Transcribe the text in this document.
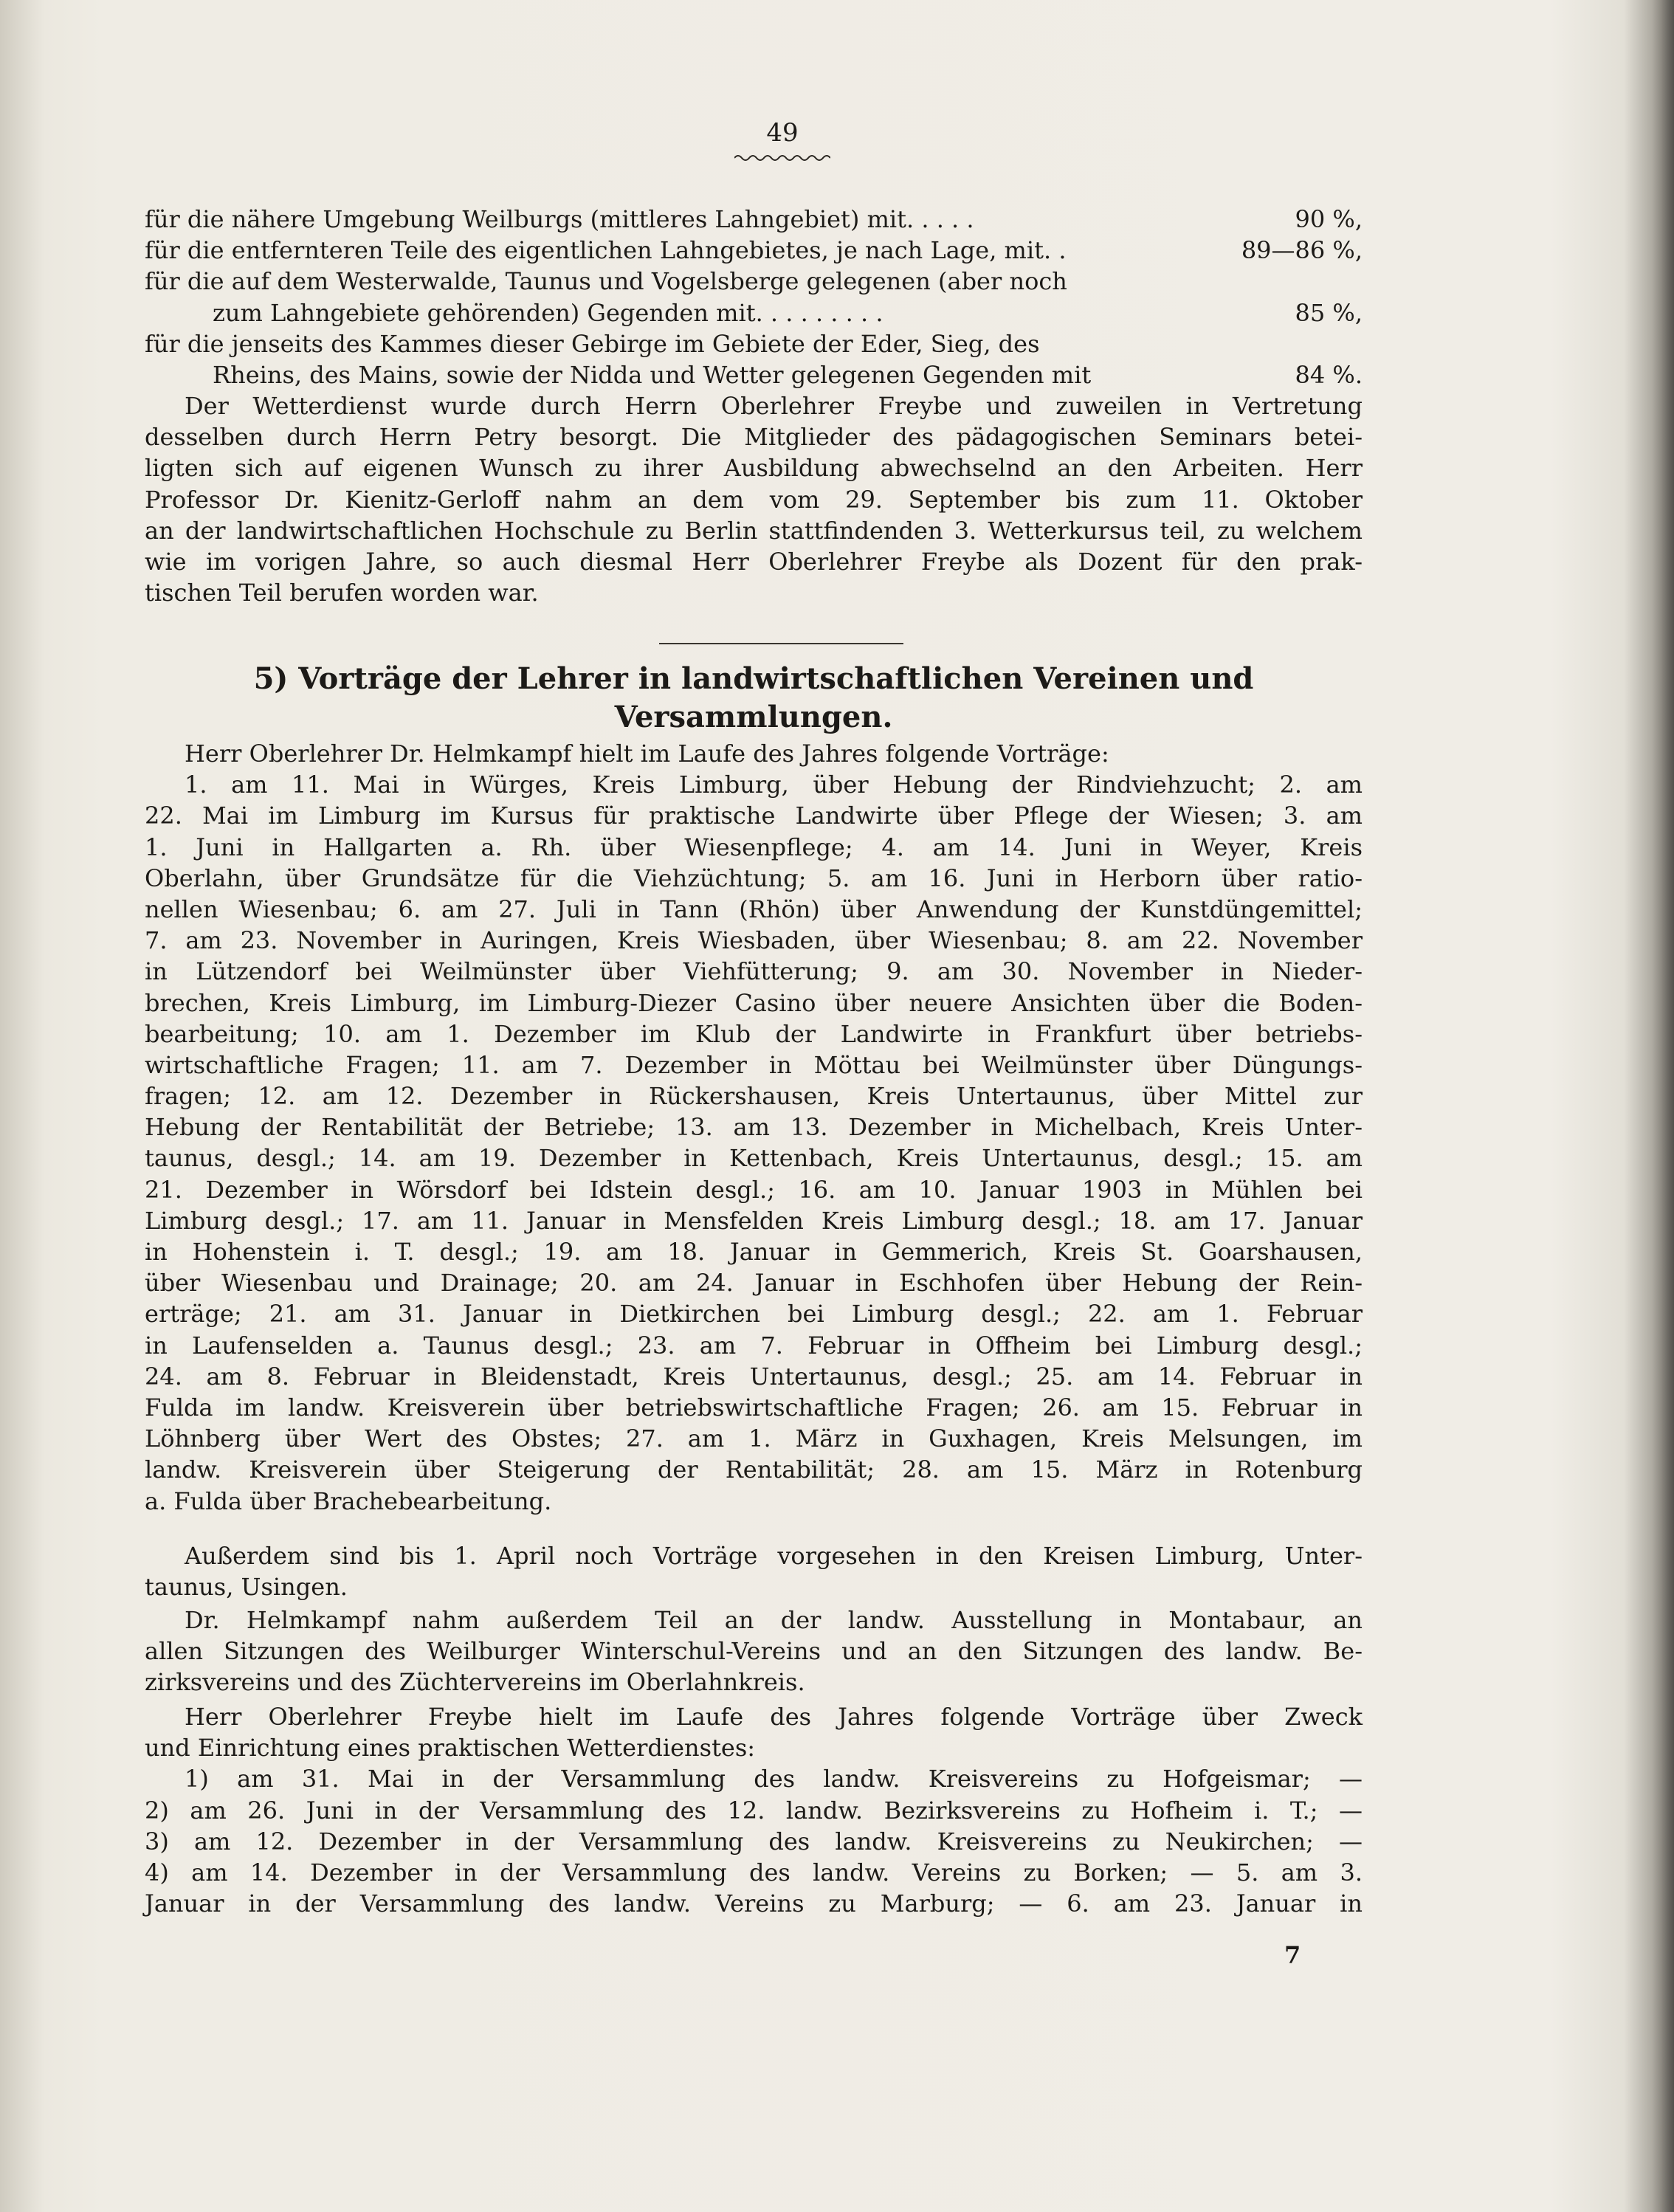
49
für die nähere Umgebung Weilburgs (mittleres Lahngebiet) mit . . . . .	90 %,
für die entfernteren Teile des eigentlichen Lahngebietes, je nach Lage, mit . .	89—86 %,
für die auf dem Westerwalde, Taunus und Vogelsberge gelegenen (aber noch
zum Lahngebiete gehörenden) Gegenden mit . . . . . . . . .	85 %,
für die jenseits des Kammes dieser Gebirge im Gebiete der Eder, Sieg, des
Rheins, des Mains, sowie der Nidda und Wetter gelegenen Gegenden mit	84 %.
Der Wetterdienst wurde durch Herrn Oberlehrer Freybe und zuweilen in Vertretung
desselben durch Herrn Petry besorgt. Die Mitglieder des pädagogischen Seminars betei-
ligten sich auf eigenen Wunsch zu ihrer Ausbildung abwechselnd an den Arbeiten. Herr
Professor Dr. Kienitz-Gerloff nahm an dem vom 29. September bis zum 11. Oktober
an der landwirtschaftlichen Hochschule zu Berlin stattfindenden 3. Wetterkursus teil, zu welchem
wie im vorigen Jahre, so auch diesmal Herr Oberlehrer Freybe als Dozent für den prak-
tischen Teil berufen worden war.
5) Vorträge der Lehrer in landwirtschaftlichen Vereinen und
Versammlungen.
Herr Oberlehrer Dr. Helmkampf hielt im Laufe des Jahres folgende Vorträge:
1. am 11. Mai in Würges, Kreis Limburg, über Hebung der Rindviehzucht; 2. am
22. Mai im Limburg im Kursus für praktische Landwirte über Pflege der Wiesen; 3. am
1. Juni in Hallgarten a. Rh. über Wiesenpflege; 4. am 14. Juni in Weyer, Kreis
Oberlahn, über Grundsätze für die Viehzüchtung; 5. am 16. Juni in Herborn über ratio-
nellen Wiesenbau; 6. am 27. Juli in Tann (Rhön) über Anwendung der Kunstdüngemittel;
7. am 23. November in Auringen, Kreis Wiesbaden, über Wiesenbau; 8. am 22. November
in Lützendorf bei Weilmünster über Viehfütterung; 9. am 30. November in Nieder-
brechen, Kreis Limburg, im Limburg-Diezer Casino über neuere Ansichten über die Boden-
bearbeitung; 10. am 1. Dezember im Klub der Landwirte in Frankfurt über betriebs-
wirtschaftliche Fragen; 11. am 7. Dezember in Möttau bei Weilmünster über Düngungs-
fragen; 12. am 12. Dezember in Rückershausen, Kreis Untertaunus, über Mittel zur
Hebung der Rentabilität der Betriebe; 13. am 13. Dezember in Michelbach, Kreis Unter-
taunus, desgl.; 14. am 19. Dezember in Kettenbach, Kreis Untertaunus, desgl.; 15. am
21. Dezember in Wörsdorf bei Idstein desgl.; 16. am 10. Januar 1903 in Mühlen bei
Limburg desgl.; 17. am 11. Januar in Mensfelden Kreis Limburg desgl.; 18. am 17. Januar
in Hohenstein i. T. desgl.; 19. am 18. Januar in Gemmerich, Kreis St. Goarshausen,
über Wiesenbau und Drainage; 20. am 24. Januar in Eschhofen über Hebung der Rein-
erträge; 21. am 31. Januar in Dietkirchen bei Limburg desgl.; 22. am 1. Februar
in Laufenselden a. Taunus desgl.; 23. am 7. Februar in Offheim bei Limburg desgl.;
24. am 8. Februar in Bleidenstadt, Kreis Untertaunus, desgl.; 25. am 14. Februar in
Fulda im landw. Kreisverein über betriebswirtschaftliche Fragen; 26. am 15. Februar in
Löhnberg über Wert des Obstes; 27. am 1. März in Guxhagen, Kreis Melsungen, im
landw. Kreisverein über Steigerung der Rentabilität; 28. am 15. März in Rotenburg
a. Fulda über Brachebearbeitung.
Außerdem sind bis 1. April noch Vorträge vorgesehen in den Kreisen Limburg, Unter-
taunus, Usingen.
Dr. Helmkampf nahm außerdem Teil an der landw. Ausstellung in Montabaur, an
allen Sitzungen des Weilburger Winterschul-Vereins und an den Sitzungen des landw. Be-
zirksvereins und des Züchtervereins im Oberlahnkreis.
Herr Oberlehrer Freybe hielt im Laufe des Jahres folgende Vorträge über Zweck
und Einrichtung eines praktischen Wetterdienstes:
1) am 31. Mai in der Versammlung des landw. Kreisvereins zu Hofgeismar; —
2) am 26. Juni in der Versammlung des 12. landw. Bezirksvereins zu Hofheim i. T.; —
3) am 12. Dezember in der Versammlung des landw. Kreisvereins zu Neukirchen; —
4) am 14. Dezember in der Versammlung des landw. Vereins zu Borken; — 5. am 3.
Januar in der Versammlung des landw. Vereins zu Marburg; — 6. am 23. Januar in
7
